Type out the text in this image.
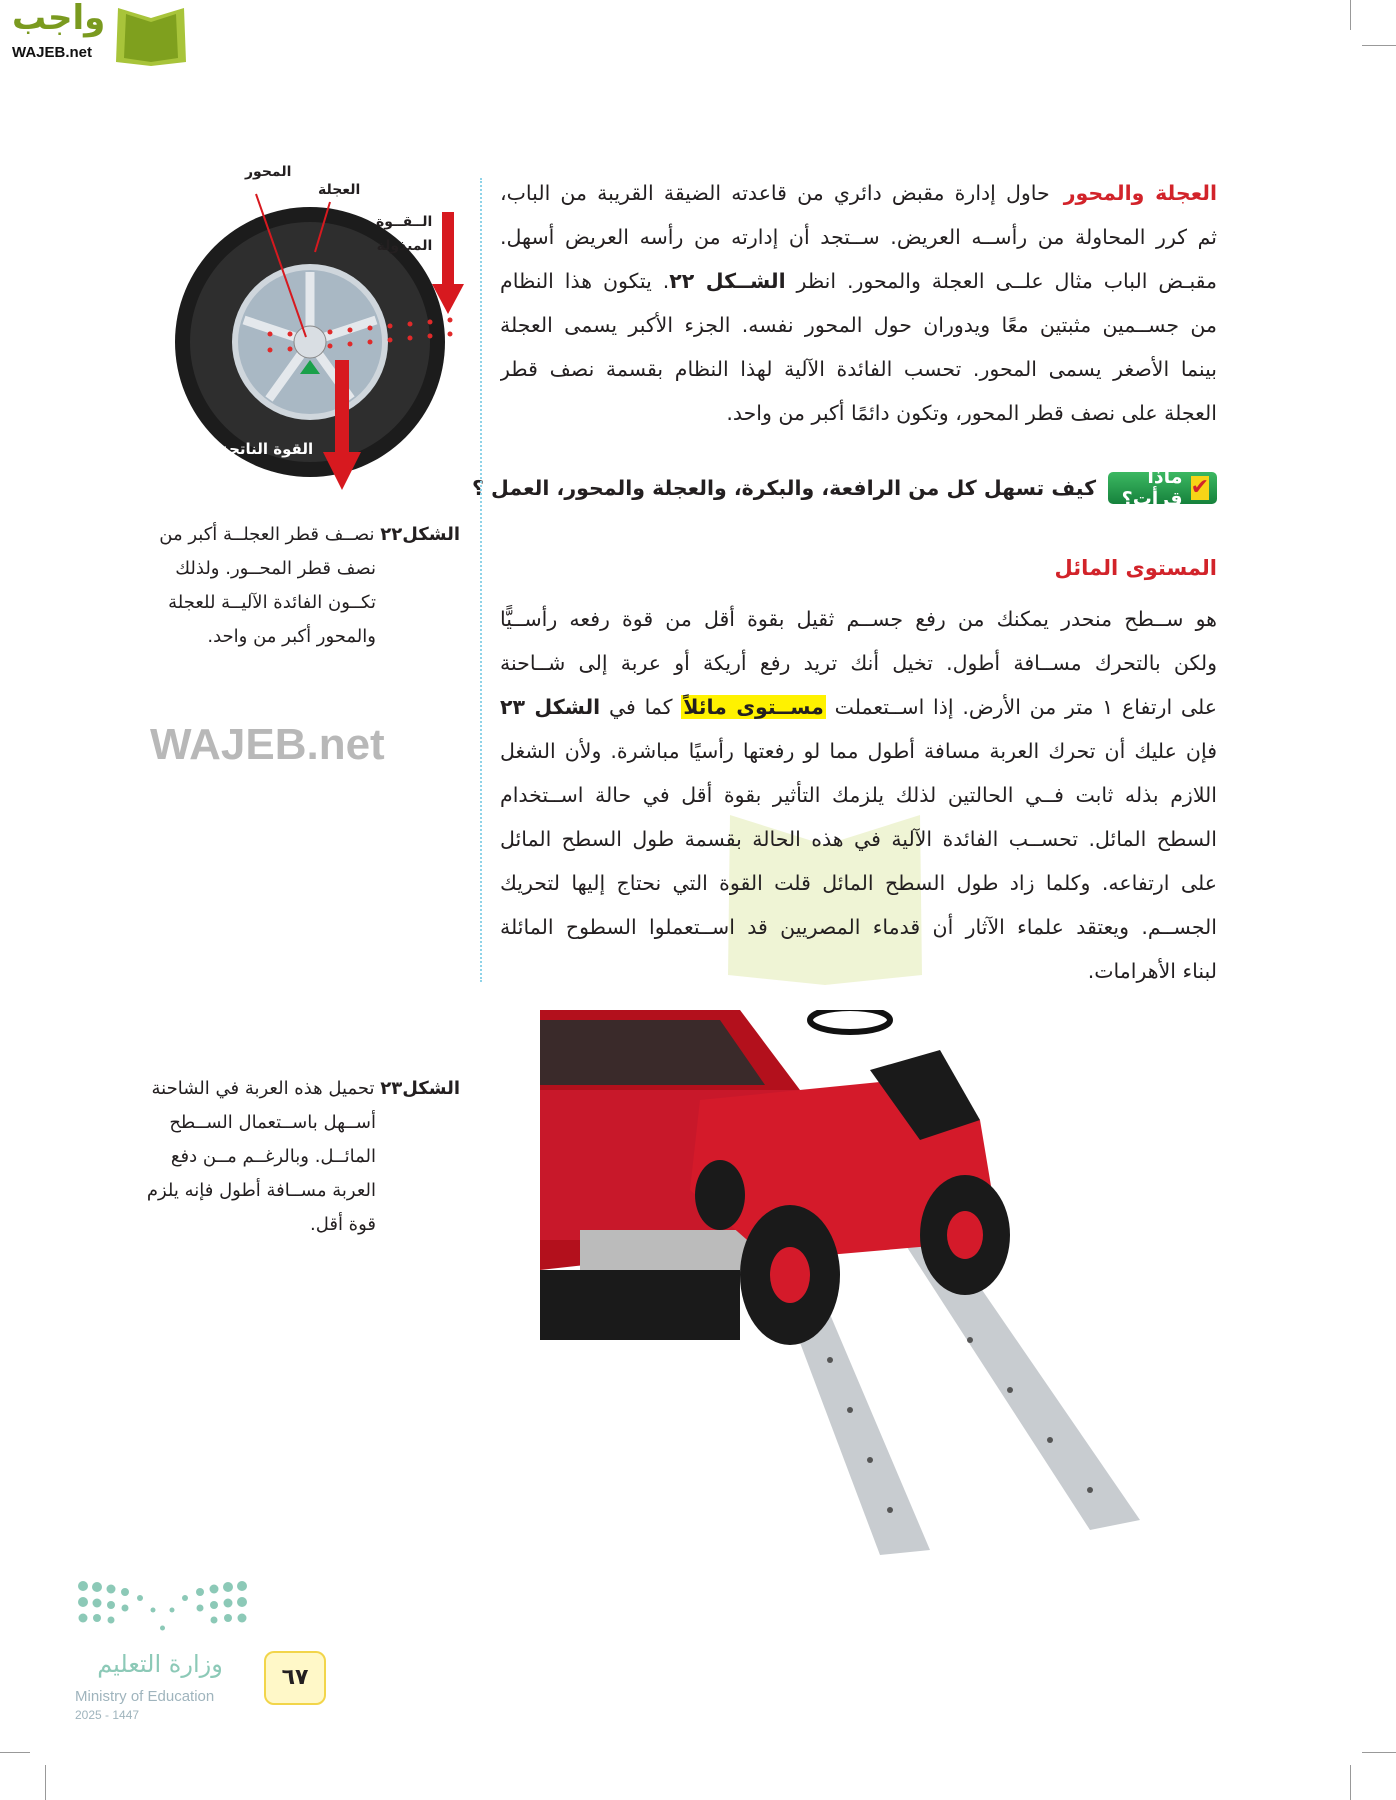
واجب
WAJEB.net
العجلة والمحورحاول إدارة مقبض دائري من قاعدته الضيقة القريبة من الباب،
ثم كرر المحاولة من رأســه العريض. ســتجد أن إدارته من رأسه العريض أسهل.
مقبـض الباب مثال علــى العجلة والمحور. انظر الشــكل ٢٢. يتكون هذا النظام
من جســمين مثبتين معًا ويدوران حول المحور نفسه. الجزء الأكبر يسمى العجلة
بينما الأصغر يسمى المحور. تحسب الفائدة الآلية لهذا النظام بقسمة نصف قطر
العجلة على نصف قطر المحور، وتكون دائمًا أكبر من واحد.
✔
ماذا قرأت؟
كيف تسهل كل من الرافعة، والبكرة، والعجلة والمحور، العمل ؟
المستوى المائل
هو ســطح منحدر يمكنك من رفع جســم ثقيل بقوة أقل من قوة رفعه رأســيًّا
ولكن بالتحرك مســافة أطول. تخيل أنك تريد رفع أريكة أو عربة إلى شــاحنة
على ارتفاع ١ متر من الأرض. إذا اســتعملت مســتوى مائلاً كما في الشكل ٢٣
فإن عليك أن تحرك العربة مسافة أطول مما لو رفعتها رأسيًا مباشرة. ولأن الشغل
اللازم بذله ثابت فــي الحالتين لذلك يلزمك التأثير بقوة أقل في حالة اســتخدام
السطح المائل. تحســب الفائدة الآلية في هذه الحالة بقسمة طول السطح المائل
على ارتفاعه. وكلما زاد طول السطح المائل قلت القوة التي نحتاج إليها لتحريك
الجســم. ويعتقد علماء الآثار أن قدماء المصريين قد اســتعملوا السطوح المائلة
لبناء الأهرامات.
WAJEB.net
المحور
العجلة
الــقــوة
المبذولة
القوة الناتجة
الشكل٢٢ نصــف قطر العجلــة أكبر من
نصف قطر المحــور. ولذلك
تكــون الفائدة الآليــة للعجلة
والمحور أكبر من واحد.
الشكل٢٣ تحميل هذه العربة في الشاحنة
أســهل باســتعمال الســطح
المائــل. وبالرغــم مــن دفع
العربة مســافة أطول فإنه يلزم
قوة أقل.
وزارة التعليم
Ministry of Education
2025 - 1447
٦٧
